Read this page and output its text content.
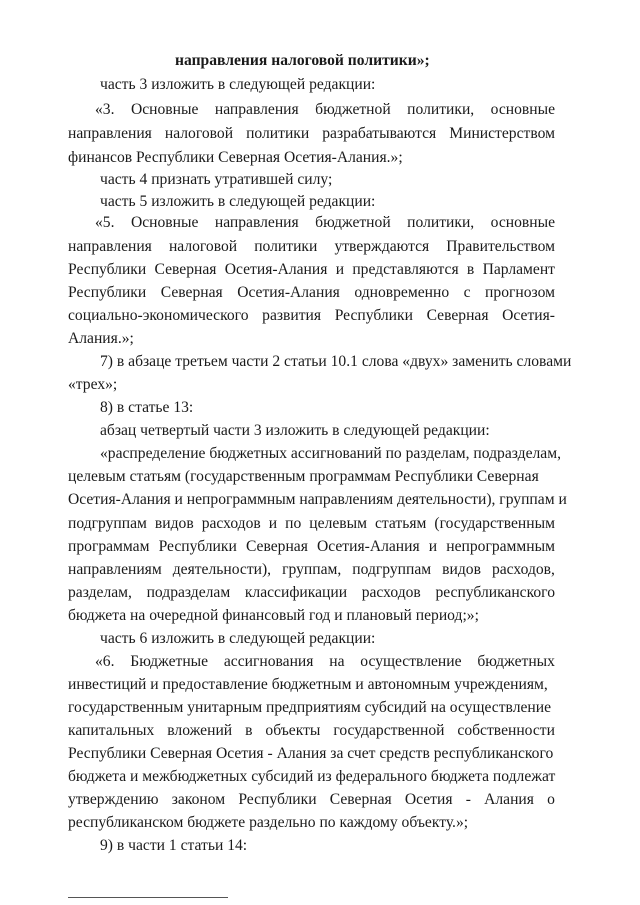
направления налоговой политики»;
часть 3 изложить в следующей редакции:
«3. Основные направления бюджетной политики, основные
направления налоговой политики разрабатываются Министерством
финансов Республики Северная Осетия-Алания.»;
часть 4 признать утратившей силу;
часть 5 изложить в следующей редакции:
«5. Основные направления бюджетной политики, основные
направления налоговой политики утверждаются Правительством
Республики Северная Осетия-Алания и представляются в Парламент
Республики Северная Осетия-Алания одновременно с прогнозом
социально-экономического развития Республики Северная Осетия-
Алания.»;
7) в абзаце третьем части 2 статьи 10.1 слова «двух» заменить словами
«трех»;
8) в статье 13:
абзац четвертый части 3 изложить в следующей редакции:
«распределение бюджетных ассигнований по разделам, подразделам,
целевым статьям (государственным программам Республики Северная
Осетия-Алания и непрограммным направлениям деятельности), группам и
подгруппам видов расходов и по целевым статьям (государственным
программам Республики Северная Осетия-Алания и непрограммным
направлениям деятельности), группам, подгруппам видов расходов,
разделам, подразделам классификации расходов республиканского
бюджета на очередной финансовый год и плановый период;»;
часть 6 изложить в следующей редакции:
«6. Бюджетные ассигнования на осуществление бюджетных
инвестиций и предоставление бюджетным и автономным учреждениям,
государственным унитарным предприятиям субсидий на осуществление
капитальных вложений в объекты государственной собственности
Республики Северная Осетия - Алания за счет средств республиканского
бюджета и межбюджетных субсидий из федерального бюджета подлежат
утверждению законом Республики Северная Осетия - Алания о
республиканском бюджете раздельно по каждому объекту.»;
9) в части 1 статьи 14:
